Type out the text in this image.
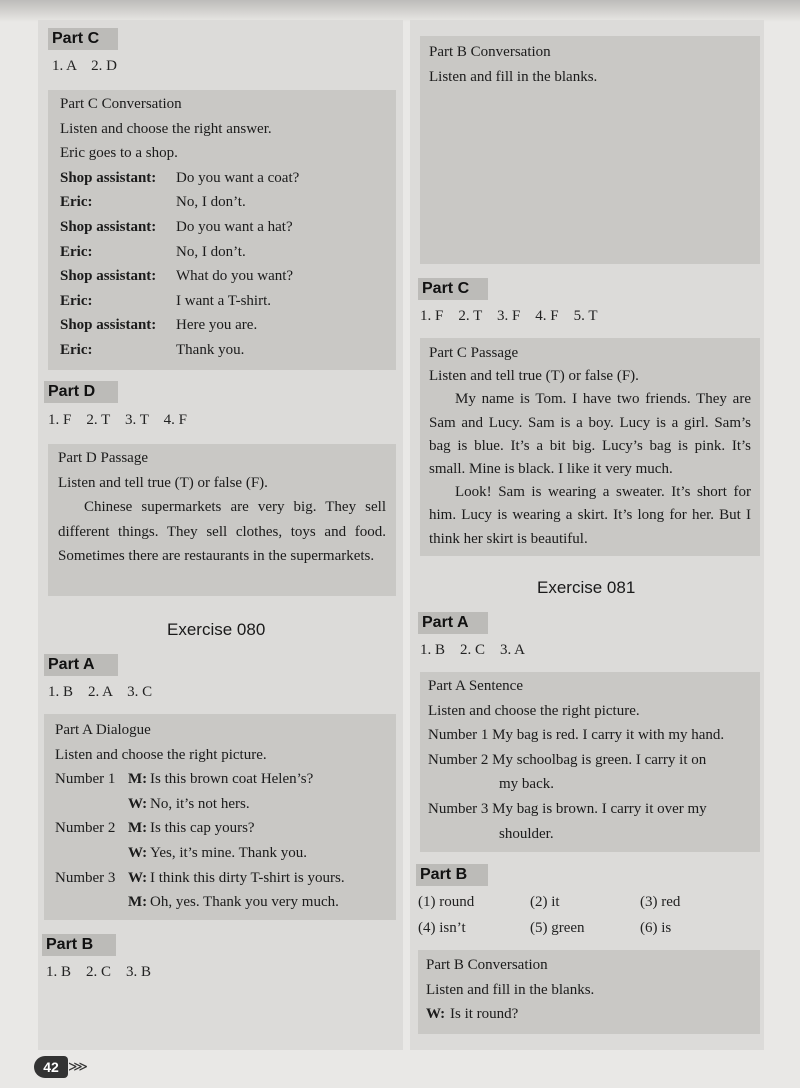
Part C
1. A    2. D
Part C Conversation
Listen and choose the right answer.
Eric goes to a shop.
Shop assistant: Do you want a coat?
Eric:	No, I don’t.
Shop assistant: Do you want a hat?
Eric:	No, I don’t.
Shop assistant: What do you want?
Eric:	I want a T-shirt.
Shop assistant: Here you are.
Eric:	Thank you.
Part D
1. F    2. T    3. T    4. F
Part D Passage
Listen and tell true (T) or false (F).
Chinese supermarkets are very big. They sell different things. They sell clothes, toys and food. Sometimes there are restaurants in the supermarkets.
Exercise 080
Part A
1. B    2. A    3. C
Part A Dialogue
Listen and choose the right picture.
Number 1 M: Is this brown coat Helen’s?
W: No, it’s not hers.
Number 2 M: Is this cap yours?
W: Yes, it’s mine. Thank you.
Number 3 W: I think this dirty T-shirt is yours.
M: Oh, yes. Thank you very much.
Part B
1. B    2. C    3. B
Part B Conversation
Listen and fill in the blanks.
Part C
1. F    2. T    3. F    4. F    5. T
Part C Passage
Listen and tell true (T) or false (F).
My name is Tom. I have two friends. They are Sam and Lucy. Sam is a boy. Lucy is a girl. Sam’s bag is blue. It’s a bit big. Lucy’s bag is pink. It’s small. Mine is black. I like it very much.
Look! Sam is wearing a sweater. It’s short for him. Lucy is wearing a skirt. It’s long for her. But I think her skirt is beautiful.
Exercise 081
Part A
1. B    2. C    3. A
Part A Sentence
Listen and choose the right picture.
Number 1 My bag is red. I carry it with my hand.
Number 2 My schoolbag is green. I carry it on
my back.
Number 3 My bag is brown. I carry it over my
shoulder.
Part B
(1) round	(2) it	(3) red
(4) isn’t	(5) green	(6) is
Part B Conversation
Listen and fill in the blanks.
W: Is it round?
42 ⋙
